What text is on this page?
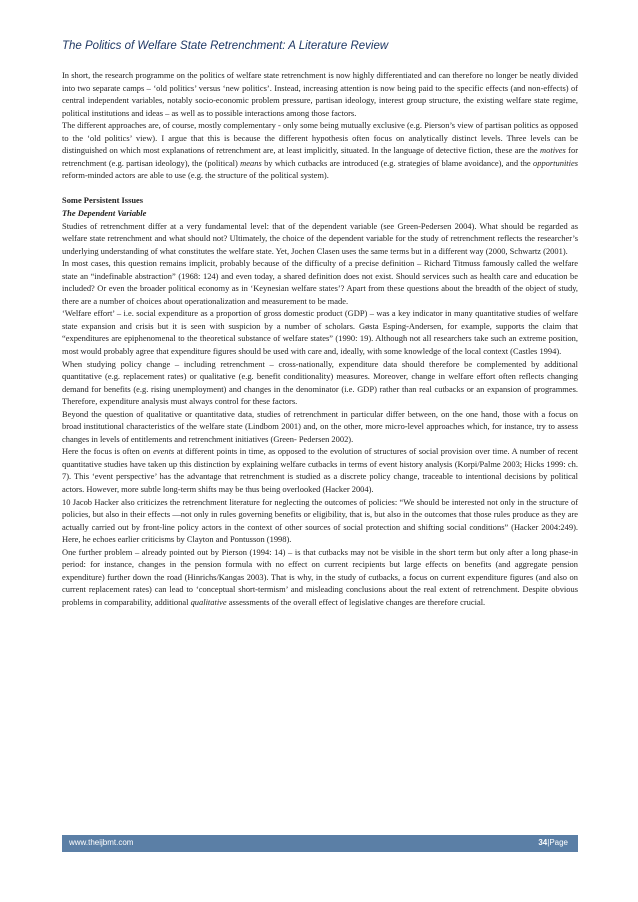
The Politics of Welfare State Retrenchment: A Literature Review

In short, the research programme on the politics of welfare state retrenchment is now highly differentiated and can therefore no longer be neatly divided into two separate camps – ‘old politics’ versus ‘new politics’. Instead, increasing attention is now being paid to the specific effects (and non-effects) of central independent variables, notably socio-economic problem pressure, partisan ideology, interest group structure, the existing welfare state regime, political institutions and ideas – as well as to possible interactions among those factors.

The different approaches are, of course, mostly complementary - only some being mutually exclusive (e.g. Pierson’s view of partisan politics as opposed to the ‘old politics’ view). I argue that this is because the different hypothesis often focus on analytically distinct levels. Three levels can be distinguished on which most explanations of retrenchment are, at least implicitly, situated. In the language of detective fiction, these are the motives for retrenchment (e.g. partisan ideology), the (political) means by which cutbacks are introduced (e.g. strategies of blame avoidance), and the opportunities reform-minded actors are able to use (e.g. the structure of the political system).

Some Persistent Issues

The Dependent Variable

Studies of retrenchment differ at a very fundamental level: that of the dependent variable (see Green-Pedersen 2004). What should be regarded as welfare state retrenchment and what should not? Ultimately, the choice of the dependent variable for the study of retrenchment reflects the researcher’s underlying understanding of what constitutes the welfare state. Yet, Jochen Clasen uses the same terms but in a different way (2000, Schwartz (2001).

In most cases, this question remains implicit, probably because of the difficulty of a precise definition – Richard Titmuss famously called the welfare state an “indefinable abstraction” (1968: 124) and even today, a shared definition does not exist. Should services such as health care and education be included? Or even the broader political economy as in ‘Keynesian welfare states’? Apart from these questions about the breadth of the object of study, there are a number of choices about operationalization and measurement to be made.

‘Welfare effort’ – i.e. social expenditure as a proportion of gross domestic product (GDP) – was a key indicator in many quantitative studies of welfare state expansion and crisis but it is seen with suspicion by a number of scholars. Gøsta Esping-Andersen, for example, supports the claim that “expenditures are epiphenomenal to the theoretical substance of welfare states” (1990: 19). Although not all researchers take such an extreme position, most would probably agree that expenditure figures should be used with care and, ideally, with some knowledge of the local context (Castles 1994).

When studying policy change – including retrenchment – cross-nationally, expenditure data should therefore be complemented by additional quantitative (e.g. replacement rates) or qualitative (e.g. benefit conditionality) measures. Moreover, change in welfare effort often reflects changing demand for benefits (e.g. rising unemployment) and changes in the denominator (i.e. GDP) rather than real cutbacks or an expansion of programmes. Therefore, expenditure analysis must always control for these factors.

Beyond the question of qualitative or quantitative data, studies of retrenchment in particular differ between, on the one hand, those with a focus on broad institutional characteristics of the welfare state (Lindbom 2001) and, on the other, more micro-level approaches which, for instance, try to assess changes in levels of entitlements and retrenchment initiatives (Green- Pedersen 2002).

Here the focus is often on events at different points in time, as opposed to the evolution of structures of social provision over time. A number of recent quantitative studies have taken up this distinction by explaining welfare cutbacks in terms of event history analysis (Korpi/Palme 2003; Hicks 1999: ch. 7). This ‘event perspective’ has the advantage that retrenchment is studied as a discrete policy change, traceable to intentional decisions by political actors. However, more subtle long-term shifts may be thus being overlooked (Hacker 2004).

10 Jacob Hacker also criticizes the retrenchment literature for neglecting the outcomes of policies: “We should be interested not only in the structure of policies, but also in their effects —not only in rules governing benefits or eligibility, that is, but also in the outcomes that those rules produce as they are actually carried out by front-line policy actors in the context of other sources of social protection and shifting social conditions” (Hacker 2004:249). Here, he echoes earlier criticisms by Clayton and Pontusson (1998).

One further problem – already pointed out by Pierson (1994: 14) – is that cutbacks may not be visible in the short term but only after a long phase-in period: for instance, changes in the pension formula with no effect on current recipients but large effects on benefits (and aggregate pension expenditure) further down the road (Hinrichs/Kangas 2003). That is why, in the study of cutbacks, a focus on current expenditure figures (and also on current replacement rates) can lead to ‘conceptual short-termism’ and misleading conclusions about the real extent of retrenchment. Despite obvious problems in comparability, additional qualitative assessments of the overall effect of legislative changes are therefore crucial.

www.theijbmt.com	34|Page
